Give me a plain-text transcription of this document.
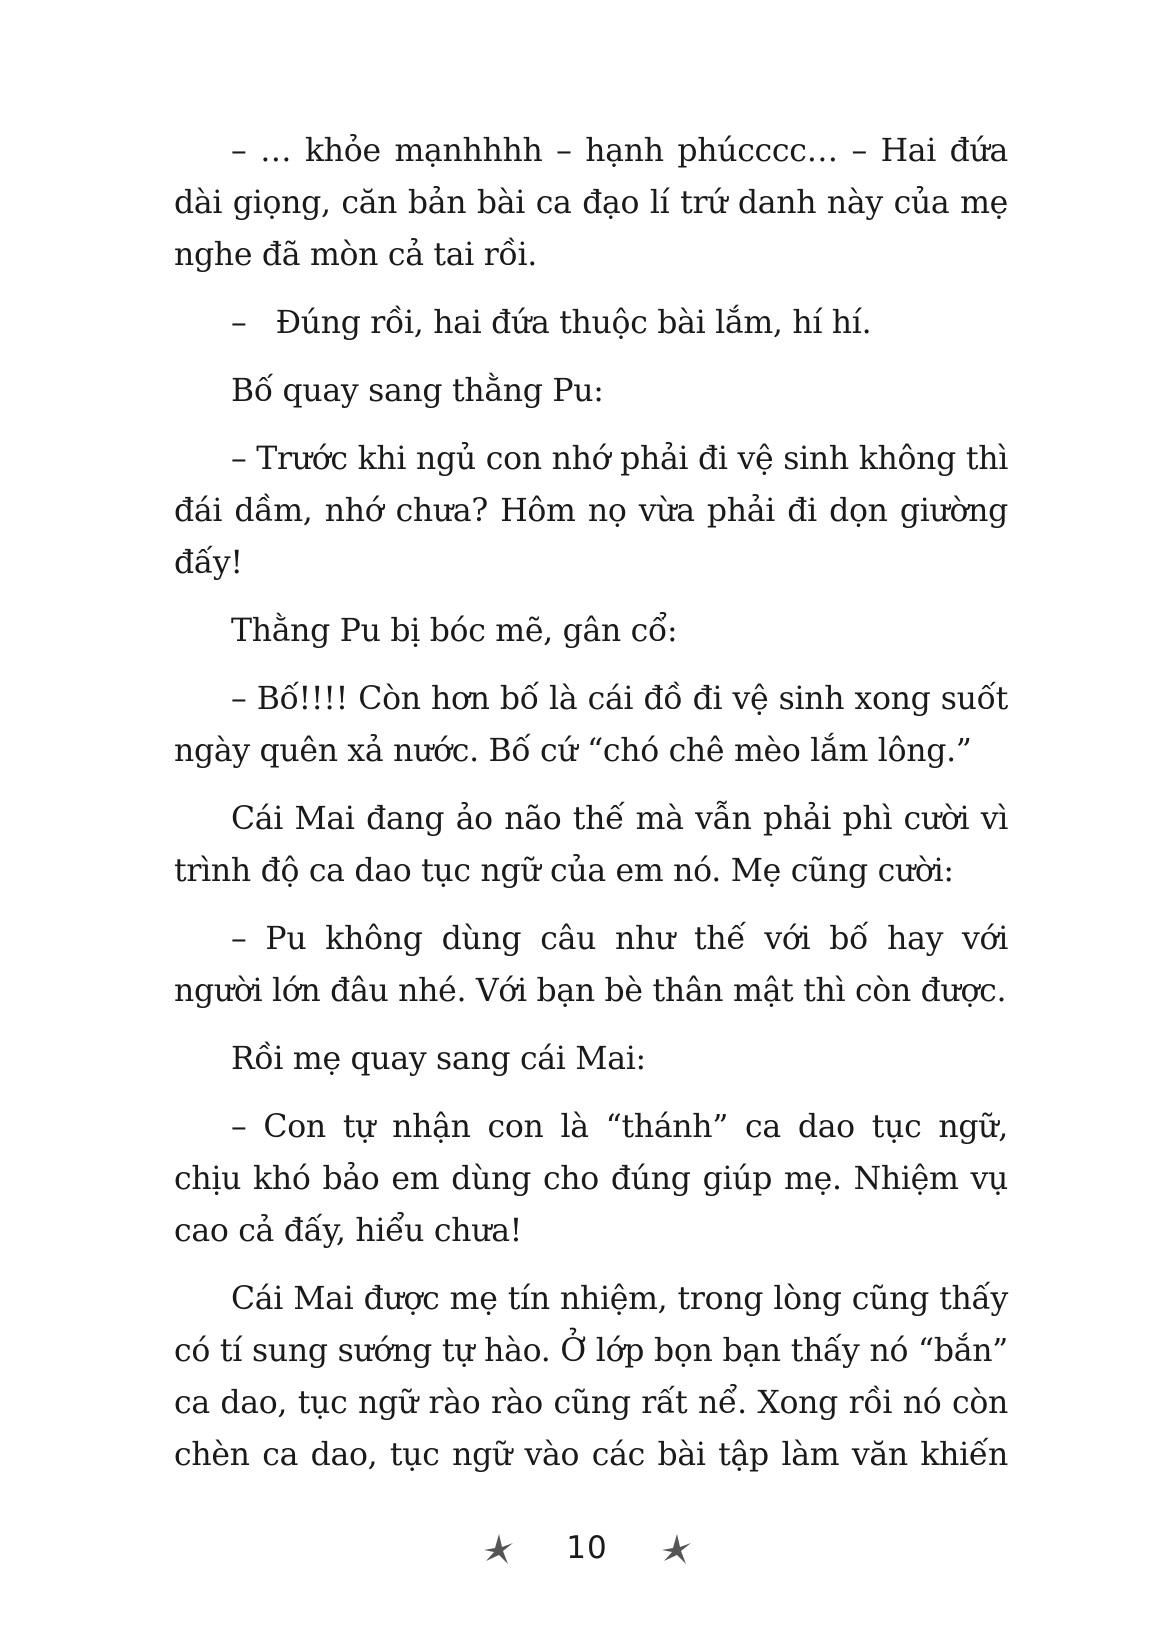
– … khỏe mạnhhhh – hạnh phúcccc… – Hai đứa dài giọng, căn bản bài ca đạo lí trứ danh này của mẹ nghe đã mòn cả tai rồi.

–   Đúng rồi, hai đứa thuộc bài lắm, hí hí.

Bố quay sang thằng Pu:

– Trước khi ngủ con nhớ phải đi vệ sinh không thì đái dầm, nhớ chưa? Hôm nọ vừa phải đi dọn giường đấy!

Thằng Pu bị bóc mẽ, gân cổ:

– Bố!!!! Còn hơn bố là cái đồ đi vệ sinh xong suốt ngày quên xả nước. Bố cứ “chó chê mèo lắm lông.”

Cái Mai đang ảo não thế mà vẫn phải phì cười vì trình độ ca dao tục ngữ của em nó. Mẹ cũng cười:

– Pu không dùng câu như thế với bố hay với người lớn đâu nhé. Với bạn bè thân mật thì còn được.

Rồi mẹ quay sang cái Mai:

– Con tự nhận con là “thánh” ca dao tục ngữ, chịu khó bảo em dùng cho đúng giúp mẹ. Nhiệm vụ cao cả đấy, hiểu chưa!

Cái Mai được mẹ tín nhiệm, trong lòng cũng thấy có tí sung sướng tự hào. Ở lớp bọn bạn thấy nó “bắn” ca dao, tục ngữ rào rào cũng rất nể. Xong rồi nó còn chèn ca dao, tục ngữ vào các bài tập làm văn khiến

10
